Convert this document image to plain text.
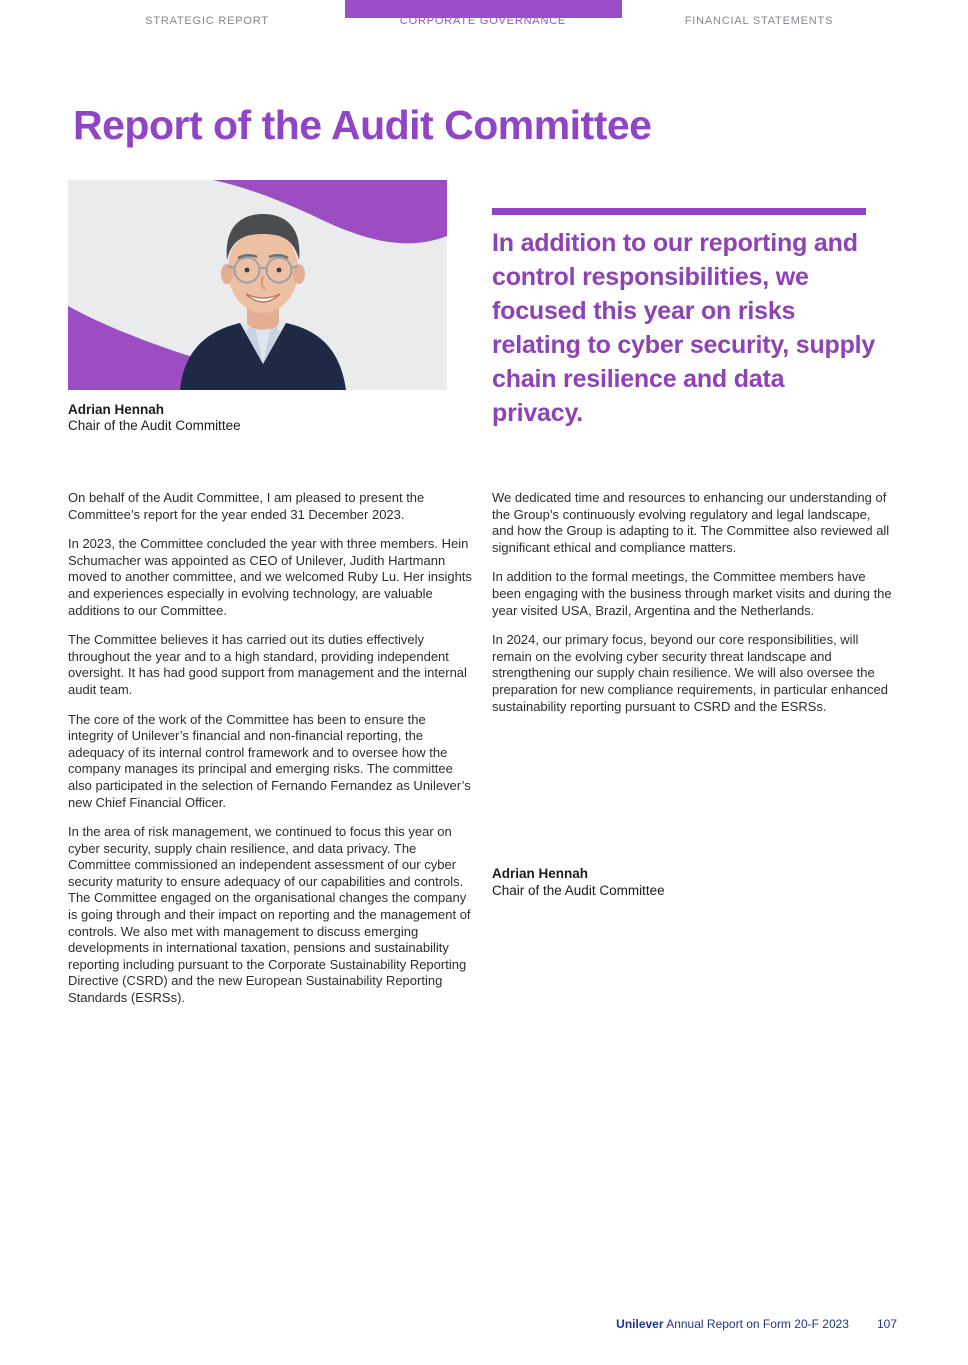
STRATEGIC REPORT	CORPORATE GOVERNANCE	FINANCIAL STATEMENTS
Report of the Audit Committee
Adrian Hennah
Chair of the Audit Committee
In addition to our reporting and control responsibilities, we focused this year on risks relating to cyber security, supply chain resilience and data privacy.

On behalf of the Audit Committee, I am pleased to present the Committee’s report for the year ended 31 December 2023.

In 2023, the Committee concluded the year with three members. Hein Schumacher was appointed as CEO of Unilever, Judith Hartmann moved to another committee, and we welcomed Ruby Lu. Her insights and experiences especially in evolving technology, are valuable additions to our Committee.

The Committee believes it has carried out its duties effectively throughout the year and to a high standard, providing independent oversight. It has had good support from management and the internal audit team.

The core of the work of the Committee has been to ensure the integrity of Unilever’s financial and non-financial reporting, the adequacy of its internal control framework and to oversee how the company manages its principal and emerging risks. The committee also participated in the selection of Fernando Fernandez as Unilever’s new Chief Financial Officer.

In the area of risk management, we continued to focus this year on cyber security, supply chain resilience, and data privacy. The Committee commissioned an independent assessment of our cyber security maturity to ensure adequacy of our capabilities and controls. The Committee engaged on the organisational changes the company is going through and their impact on reporting and the management of controls. We also met with management to discuss emerging developments in international taxation, pensions and sustainability reporting including pursuant to the Corporate Sustainability Reporting Directive (CSRD) and the new European Sustainability Reporting Standards (ESRSs).

We dedicated time and resources to enhancing our understanding of the Group’s continuously evolving regulatory and legal landscape, and how the Group is adapting to it. The Committee also reviewed all significant ethical and compliance matters.

In addition to the formal meetings, the Committee members have been engaging with the business through market visits and during the year visited USA, Brazil, Argentina and the Netherlands.

In 2024, our primary focus, beyond our core responsibilities, will remain on the evolving cyber security threat landscape and strengthening our supply chain resilience. We will also oversee the preparation for new compliance requirements, in particular enhanced sustainability reporting pursuant to CSRD and the ESRSs.

Adrian Hennah
Chair of the Audit Committee
Unilever Annual Report on Form 20-F 2023 107
